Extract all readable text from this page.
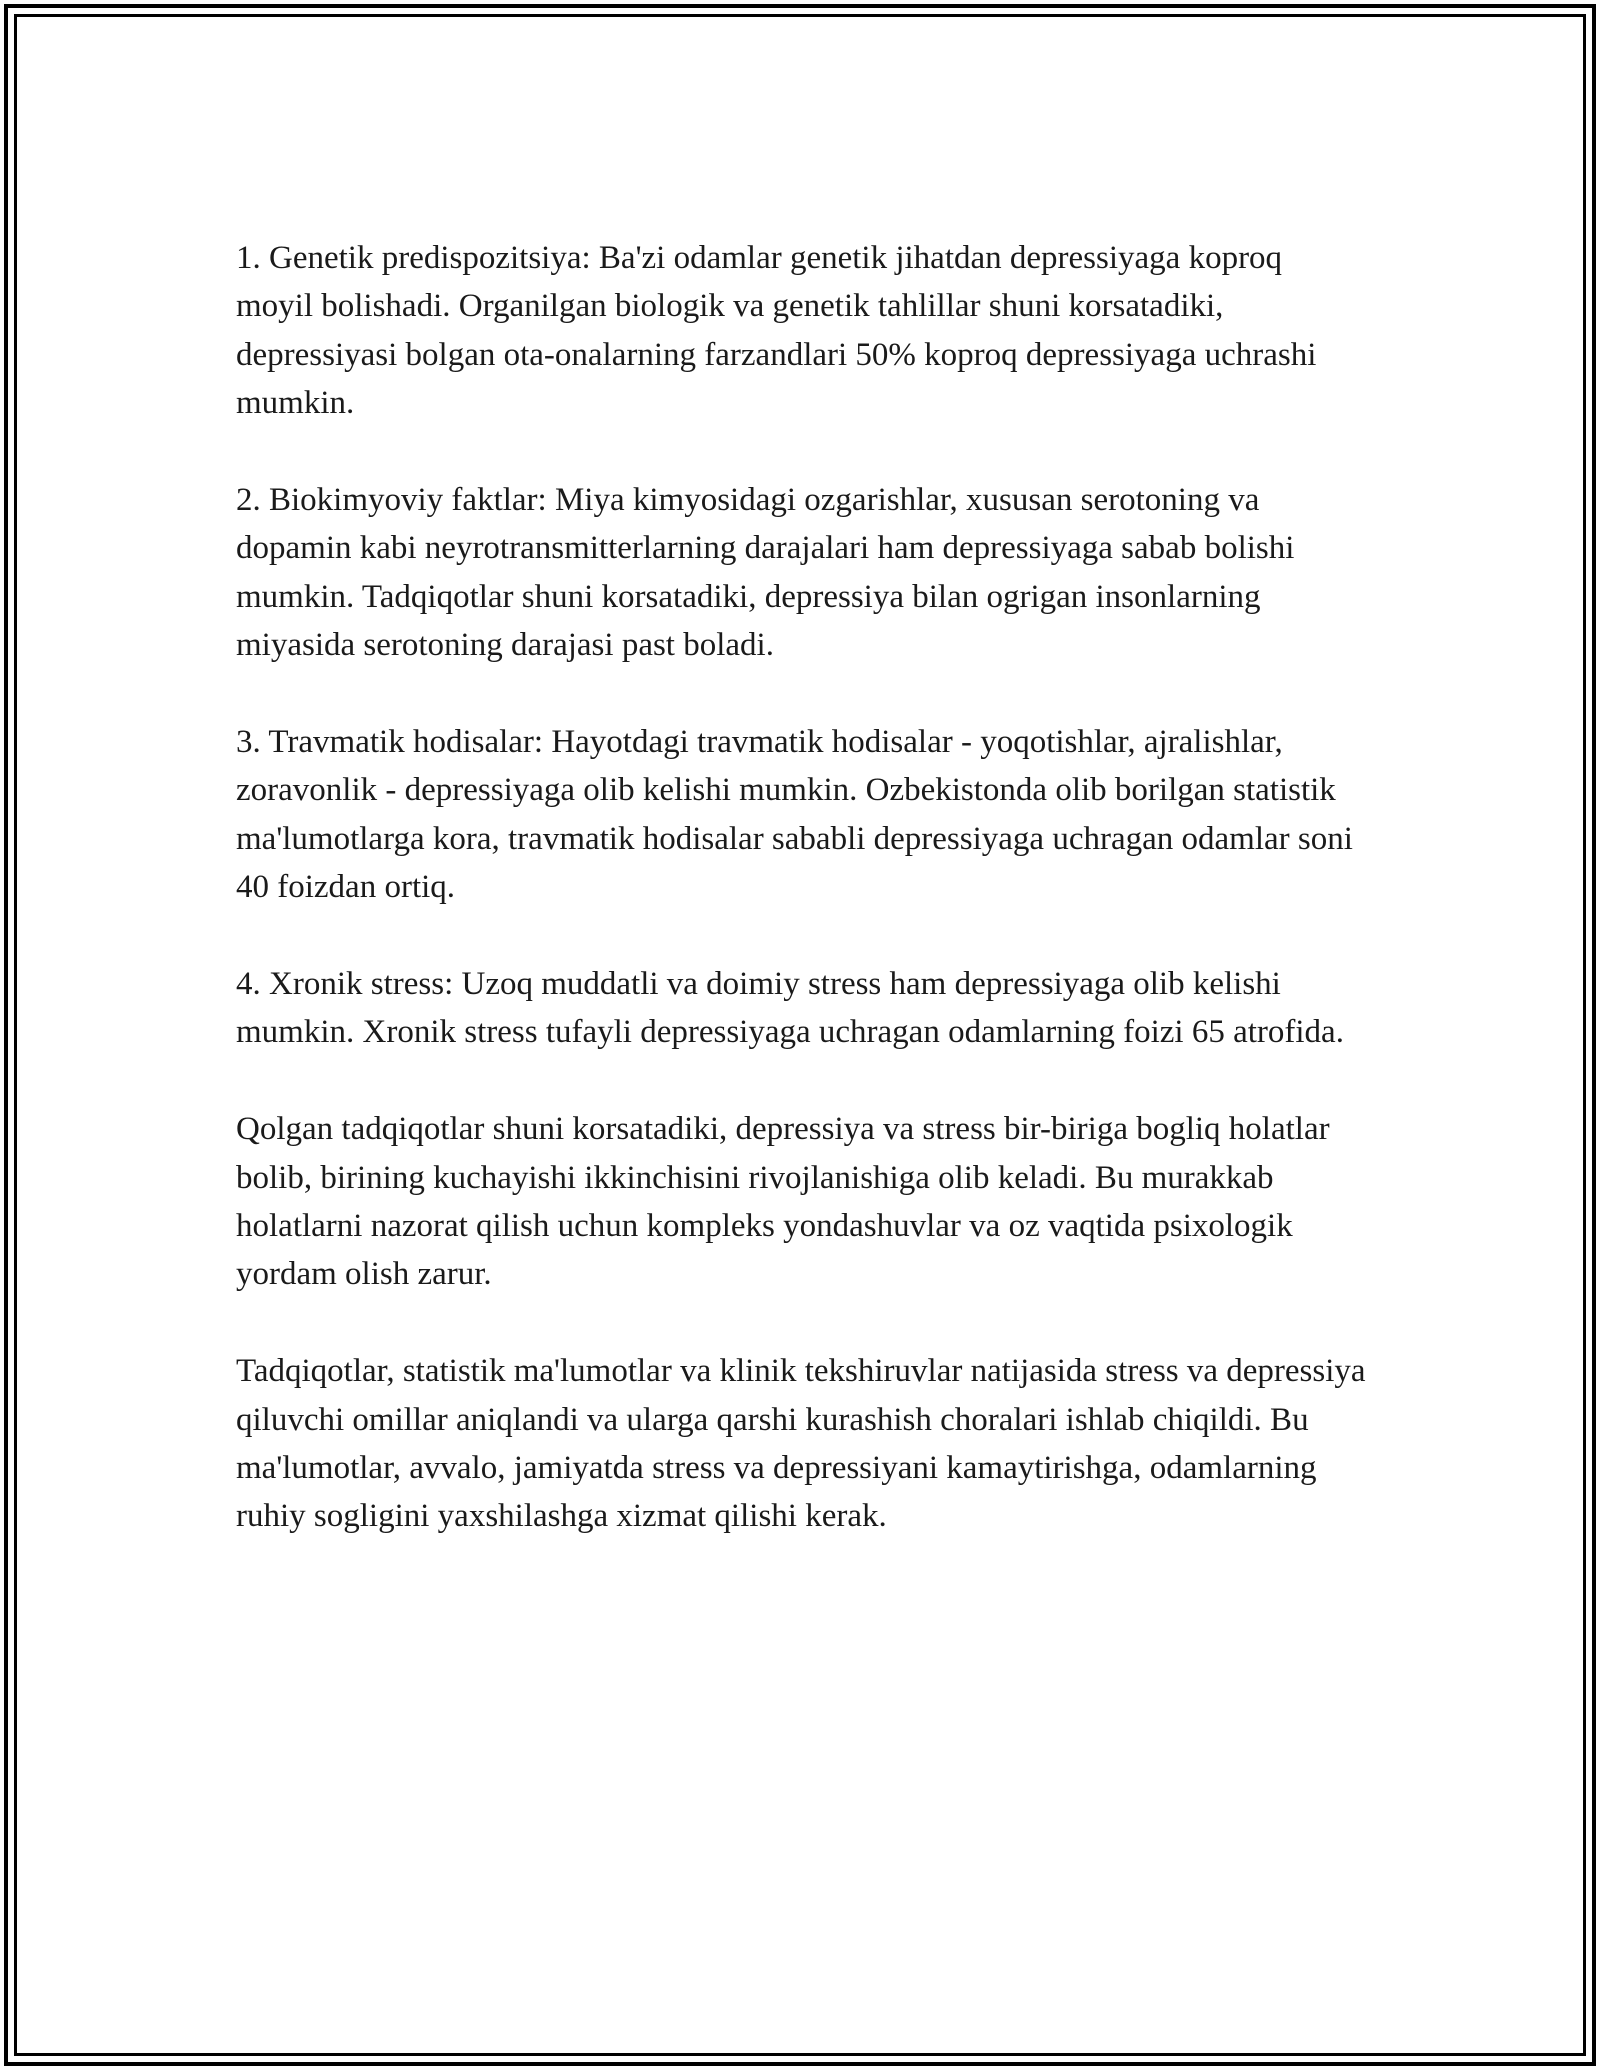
1. Genetik predispozitsiya: Ba'zi odamlar genetik jihatdan depressiyaga koproq moyil bolishadi. Organilgan biologik va genetik tahlillar shuni korsatadiki, depressiyasi bolgan ota-onalarning farzandlari 50% koproq depressiyaga uchrashi mumkin.

2. Biokimyoviy faktlar: Miya kimyosidagi ozgarishlar, xususan serotoning va dopamin kabi neyrotransmitterlarning darajalari ham depressiyaga sabab bolishi mumkin. Tadqiqotlar shuni korsatadiki, depressiya bilan ogrigan insonlarning miyasida serotoning darajasi past boladi.

3. Travmatik hodisalar: Hayotdagi travmatik hodisalar - yoqotishlar, ajralishlar, zoravonlik - depressiyaga olib kelishi mumkin. Ozbekistonda olib borilgan statistik ma'lumotlarga kora, travmatik hodisalar sababli depressiyaga uchragan odamlar soni 40 foizdan ortiq.

4. Xronik stress: Uzoq muddatli va doimiy stress ham depressiyaga olib kelishi mumkin. Xronik stress tufayli depressiyaga uchragan odamlarning foizi 65 atrofida.

Qolgan tadqiqotlar shuni korsatadiki, depressiya va stress bir-biriga bogliq holatlar bolib, birining kuchayishi ikkinchisini rivojlanishiga olib keladi. Bu murakkab holatlarni nazorat qilish uchun kompleks yondashuvlar va oz vaqtida psixologik yordam olish zarur.

Tadqiqotlar, statistik ma'lumotlar va klinik tekshiruvlar natijasida stress va depressiya qiluvchi omillar aniqlandi va ularga qarshi kurashish choralari ishlab chiqildi. Bu ma'lumotlar, avvalo, jamiyatda stress va depressiyani kamaytirishga, odamlarning ruhiy sogligini yaxshilashga xizmat qilishi kerak.
